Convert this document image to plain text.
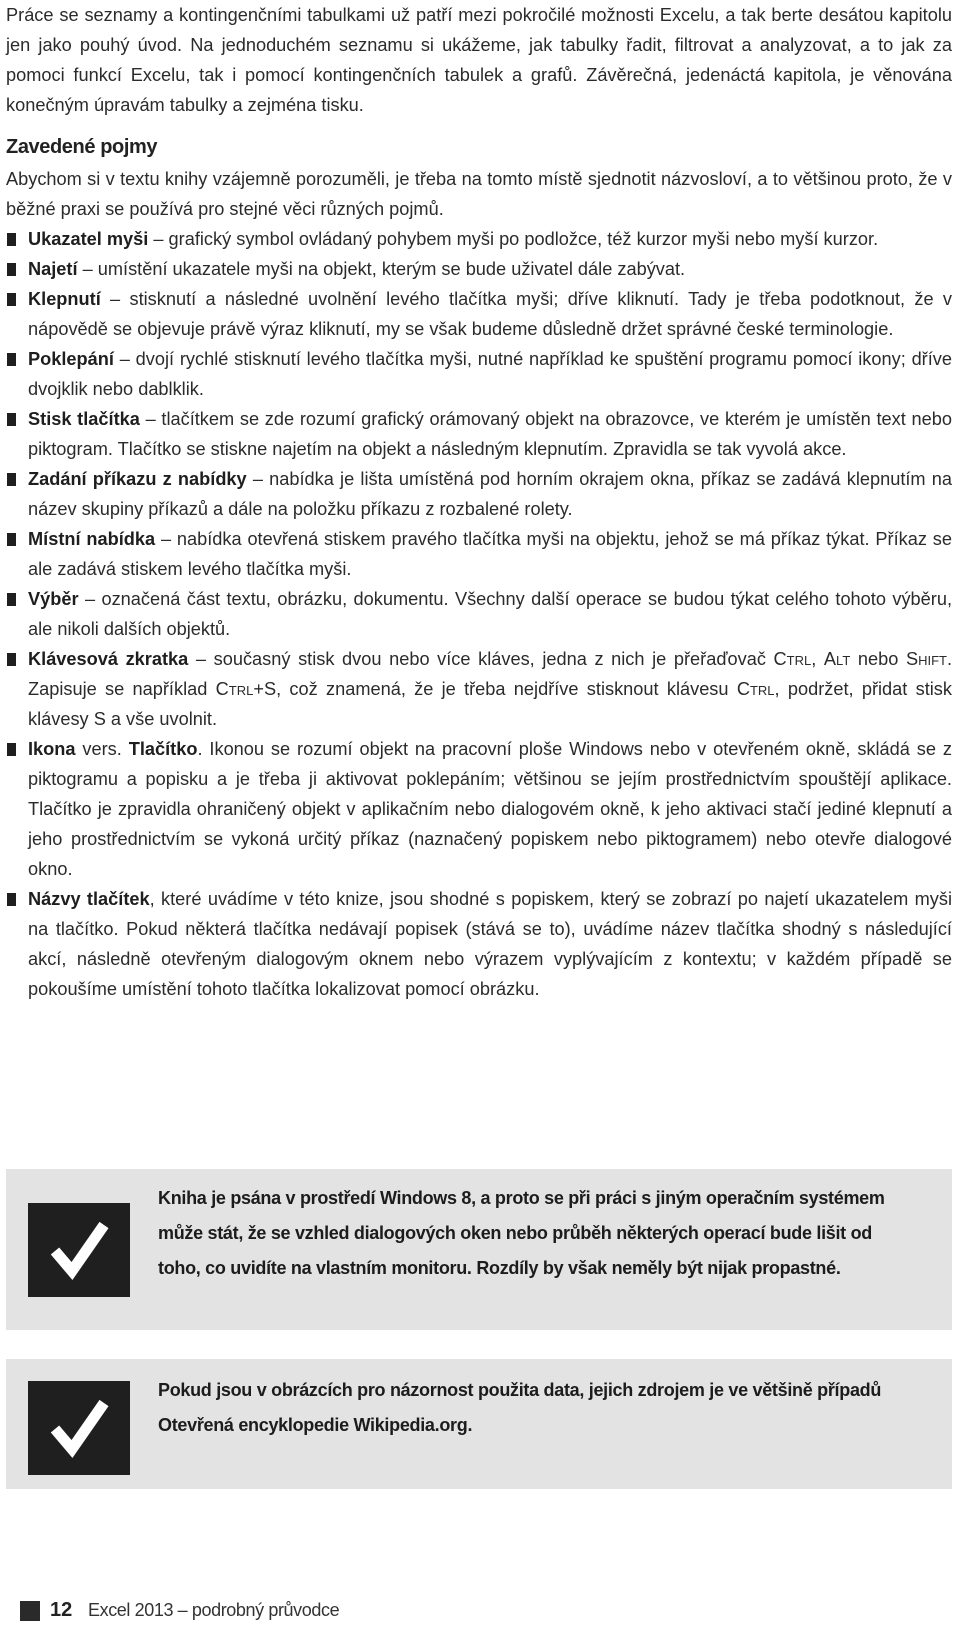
Práce se seznamy a kontingenčními tabulkami už patří mezi pokročilé možnosti Excelu, a tak berte desátou kapitolu jen jako pouhý úvod. Na jednoduchém seznamu si ukážeme, jak tabulky řadit, filtrovat a analyzovat, a to jak za pomoci funkcí Excelu, tak i pomocí kontingenčních tabulek a grafů. Závěrečná, jedenáctá kapitola, je věnována konečným úpravám tabulky a zejména tisku.

Zavedené pojmy

Abychom si v textu knihy vzájemně porozuměli, je třeba na tomto místě sjednotit názvosloví, a to většinou proto, že v běžné praxi se používá pro stejné věci různých pojmů.

Ukazatel myši – grafický symbol ovládaný pohybem myši po podložce, též kurzor myši nebo myší kurzor.
Najetí – umístění ukazatele myši na objekt, kterým se bude uživatel dále zabývat.
Klepnutí – stisknutí a následné uvolnění levého tlačítka myši; dříve kliknutí. Tady je třeba podotknout, že v nápovědě se objevuje právě výraz kliknutí, my se však budeme důsledně držet správné české terminologie.
Poklepání – dvojí rychlé stisknutí levého tlačítka myši, nutné například ke spuštění programu pomocí ikony; dříve dvojklik nebo dablklik.
Stisk tlačítka – tlačítkem se zde rozumí grafický orámovaný objekt na obrazovce, ve kterém je umístěn text nebo piktogram. Tlačítko se stiskne najetím na objekt a následným klepnutím. Zpravidla se tak vyvolá akce.
Zadání příkazu z nabídky – nabídka je lišta umístěná pod horním okrajem okna, příkaz se zadává klepnutím na název skupiny příkazů a dále na položku příkazu z rozbalené rolety.
Místní nabídka – nabídka otevřená stiskem pravého tlačítka myši na objektu, jehož se má příkaz týkat. Příkaz se ale zadává stiskem levého tlačítka myši.
Výběr – označená část textu, obrázku, dokumentu. Všechny další operace se budou týkat celého tohoto výběru, ale nikoli dalších objektů.
Klávesová zkratka – současný stisk dvou nebo více kláves, jedna z nich je přeřaďovač Ctrl, Alt nebo Shift. Zapisuje se například Ctrl+S, což znamená, že je třeba nejdříve stisknout klávesu Ctrl, podržet, přidat stisk klávesy S a vše uvolnit.
Ikona vers. Tlačítko. Ikonou se rozumí objekt na pracovní ploše Windows nebo v otevřeném okně, skládá se z piktogramu a popisku a je třeba ji aktivovat poklepáním; většinou se jejím prostřednictvím spouštějí aplikace. Tlačítko je zpravidla ohraničený objekt v aplikačním nebo dialogovém okně, k jeho aktivaci stačí jediné klepnutí a jeho prostřednictvím se vykoná určitý příkaz (naznačený popiskem nebo piktogramem) nebo otevře dialogové okno.
Názvy tlačítek, které uvádíme v této knize, jsou shodné s popiskem, který se zobrazí po najetí ukazatelem myši na tlačítko. Pokud některá tlačítka nedávají popisek (stává se to), uvádíme název tlačítka shodný s následující akcí, následně otevřeným dialogovým oknem nebo výrazem vyplývajícím z kontextu; v každém případě se pokoušíme umístění tohoto tlačítka lokalizovat pomocí obrázku.
Kniha je psána v prostředí Windows 8, a proto se při práci s jiným operačním systémem může stát, že se vzhled dialogových oken nebo průběh některých operací bude lišit od toho, co uvidíte na vlastním monitoru. Rozdíly by však neměly být nijak propastné.
Pokud jsou v obrázcích pro názornost použita data, jejich zdrojem je ve většině případů Otevřená encyklopedie Wikipedia.org.
12 Excel 2013 – podrobný průvodce
